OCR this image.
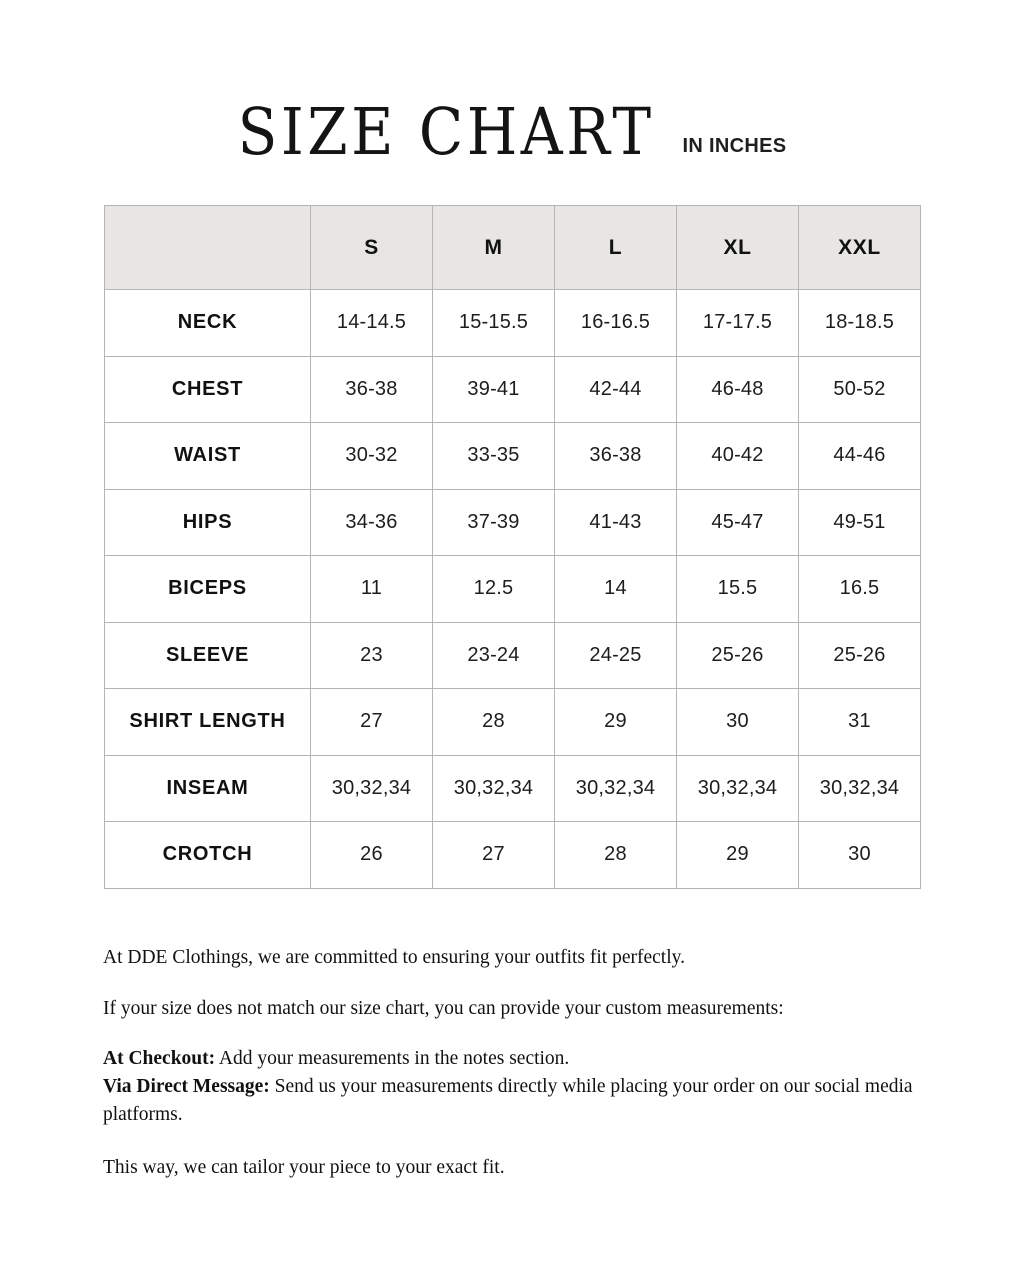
SIZE CHART IN INCHES
	S	M	L	XL	XXL
NECK	14-14.5	15-15.5	16-16.5	17-17.5	18-18.5
CHEST	36-38	39-41	42-44	46-48	50-52
WAIST	30-32	33-35	36-38	40-42	44-46
HIPS	34-36	37-39	41-43	45-47	49-51
BICEPS	11	12.5	14	15.5	16.5
SLEEVE	23	23-24	24-25	25-26	25-26
SHIRT LENGTH	27	28	29	30	31
INSEAM	30,32,34	30,32,34	30,32,34	30,32,34	30,32,34
CROTCH	26	27	28	29	30

At DDE Clothings, we are committed to ensuring your outfits fit perfectly.

If your size does not match our size chart, you can provide your custom measurements:

At Checkout: Add your measurements in the notes section.

Via Direct Message: Send us your measurements directly while placing your order on our social media platforms.

This way, we can tailor your piece to your exact fit.
